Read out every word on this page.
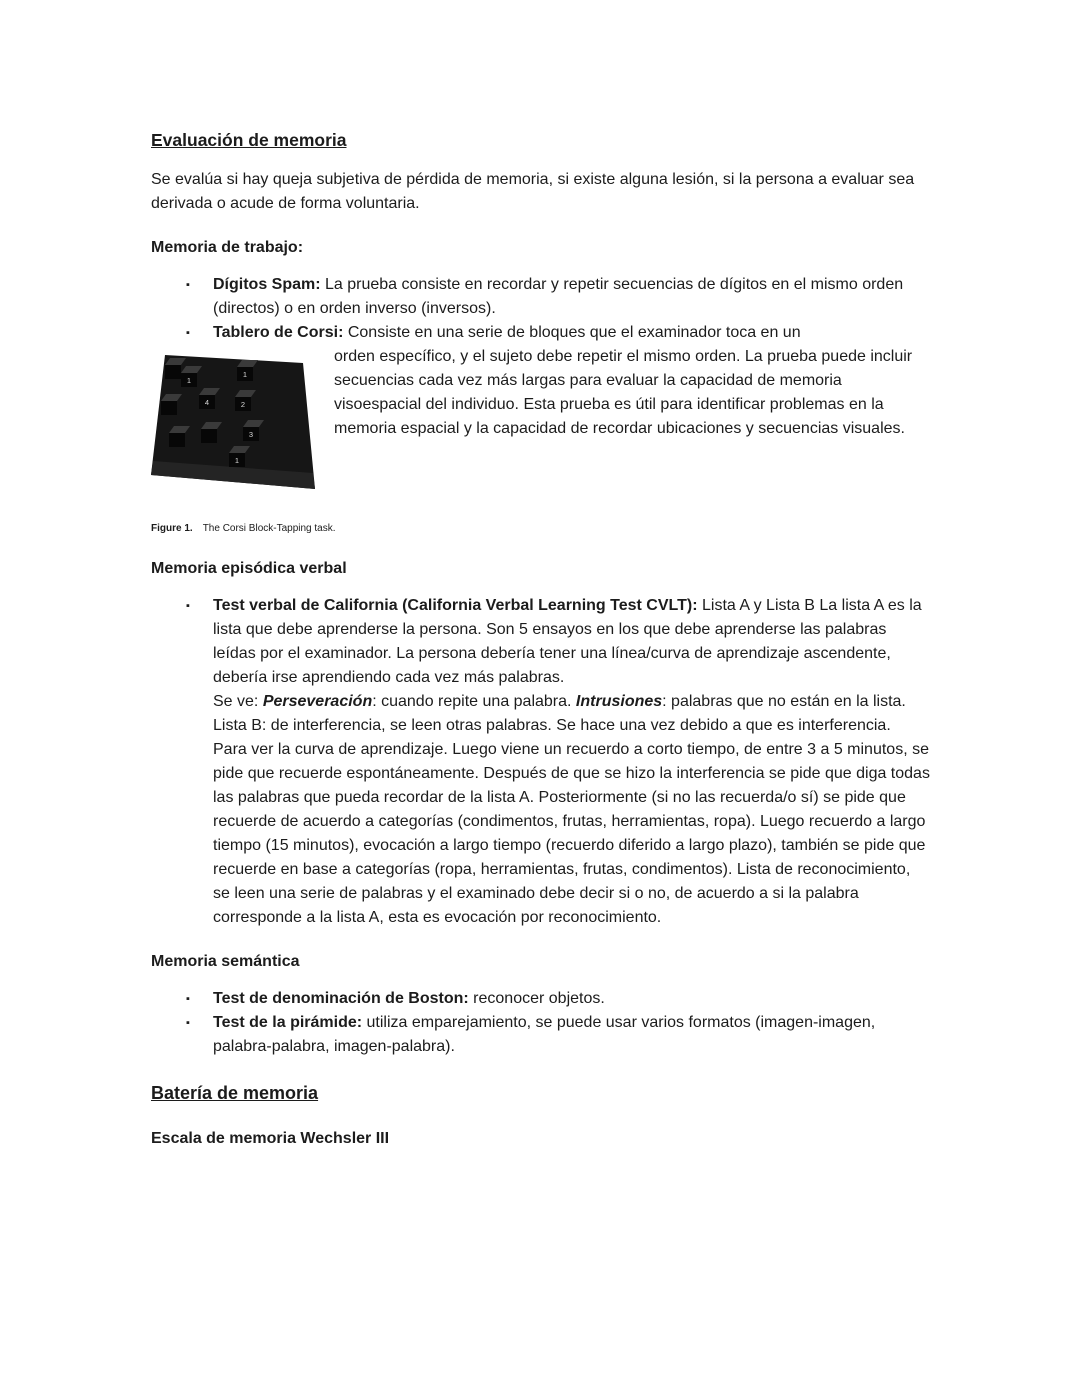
Evaluación de memoria

Se evalúa si hay queja subjetiva de pérdida de memoria, si existe alguna lesión, si la persona a evaluar sea derivada o acude de forma voluntaria.

Memoria de trabajo:
▪ Dígitos Spam: La prueba consiste en recordar y repetir secuencias de dígitos en el mismo orden (directos) o en orden inverso (inversos).
▪ Tablero de Corsi: Consiste en una serie de bloques que el examinador toca en un
1
1
4	2
3
1
orden específico, y el sujeto debe repetir el mismo orden. La prueba puede incluir secuencias cada vez más largas para evaluar la capacidad de memoria visoespacial del individuo. Esta prueba es útil para identificar problemas en la memoria espacial y la capacidad de recordar ubicaciones y secuencias visuales.
Figure 1. The Corsi Block-Tapping task.
Memoria episódica verbal
▪ Test verbal de California (California Verbal Learning Test CVLT): Lista A y Lista B La lista A es la lista que debe aprenderse la persona. Son 5 ensayos en los que debe aprenderse las palabras leídas por el examinador. La persona debería tener una línea/curva de aprendizaje ascendente, debería irse aprendiendo cada vez más palabras.
Se ve: Perseveración: cuando repite una palabra. Intrusiones: palabras que no están en la lista.
Lista B: de interferencia, se leen otras palabras. Se hace una vez debido a que es interferencia.
Para ver la curva de aprendizaje. Luego viene un recuerdo a corto tiempo, de entre 3 a 5 minutos, se pide que recuerde espontáneamente. Después de que se hizo la interferencia se pide que diga todas las palabras que pueda recordar de la lista A. Posteriormente (si no las recuerda/o sí) se pide que recuerde de acuerdo a categorías (condimentos, frutas, herramientas, ropa). Luego recuerdo a largo tiempo (15 minutos), evocación a largo tiempo (recuerdo diferido a largo plazo), también se pide que recuerde en base a categorías (ropa, herramientas, frutas, condimentos). Lista de reconocimiento, se leen una serie de palabras y el examinado debe decir si o no, de acuerdo a si la palabra corresponde a la lista A, esta es evocación por reconocimiento.
Memoria semántica
▪ Test de denominación de Boston: reconocer objetos.
▪ Test de la pirámide: utiliza emparejamiento, se puede usar varios formatos (imagen-imagen, palabra-palabra, imagen-palabra).
Batería de memoria
Escala de memoria Wechsler III
